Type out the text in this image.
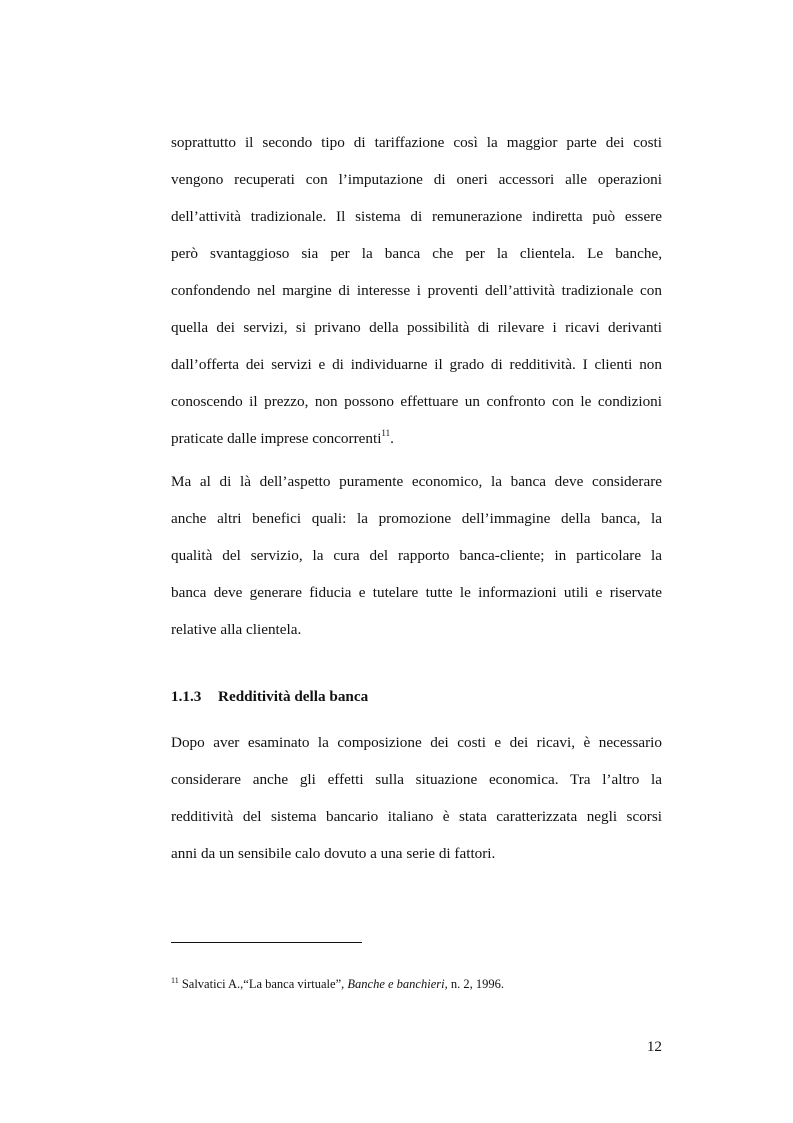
soprattutto il secondo tipo di tariffazione così la maggior parte dei costi
vengono recuperati con l’imputazione di oneri accessori alle operazioni
dell’attività tradizionale. Il sistema di remunerazione indiretta può essere
però svantaggioso sia per la banca che per la clientela. Le banche,
confondendo nel margine di interesse i proventi dell’attività tradizionale con
quella dei servizi, si privano della possibilità di rilevare i ricavi derivanti
dall’offerta dei servizi e di individuarne il grado di redditività. I clienti non
conoscendo il prezzo, non possono effettuare un confronto con le condizioni
praticate dalle imprese concorrenti$^{11}$.
Ma al di là dell’aspetto puramente economico, la banca deve considerare
anche altri benefici quali: la promozione dell’immagine della banca, la
qualità del servizio, la cura del rapporto banca-cliente; in particolare la
banca deve generare fiducia e tutelare tutte le informazioni utili e riservate
relative alla clientela.
1.1.3 Redditività della banca
Dopo aver esaminato la composizione dei costi e dei ricavi, è necessario
considerare anche gli effetti sulla situazione economica. Tra l’altro la
redditività del sistema bancario italiano è stata caratterizzata negli scorsi
anni da un sensibile calo dovuto a una serie di fattori.
$^{11}$ Salvatici A.,“La banca virtuale”, Banche e banchieri, n. 2, 1996.
12
